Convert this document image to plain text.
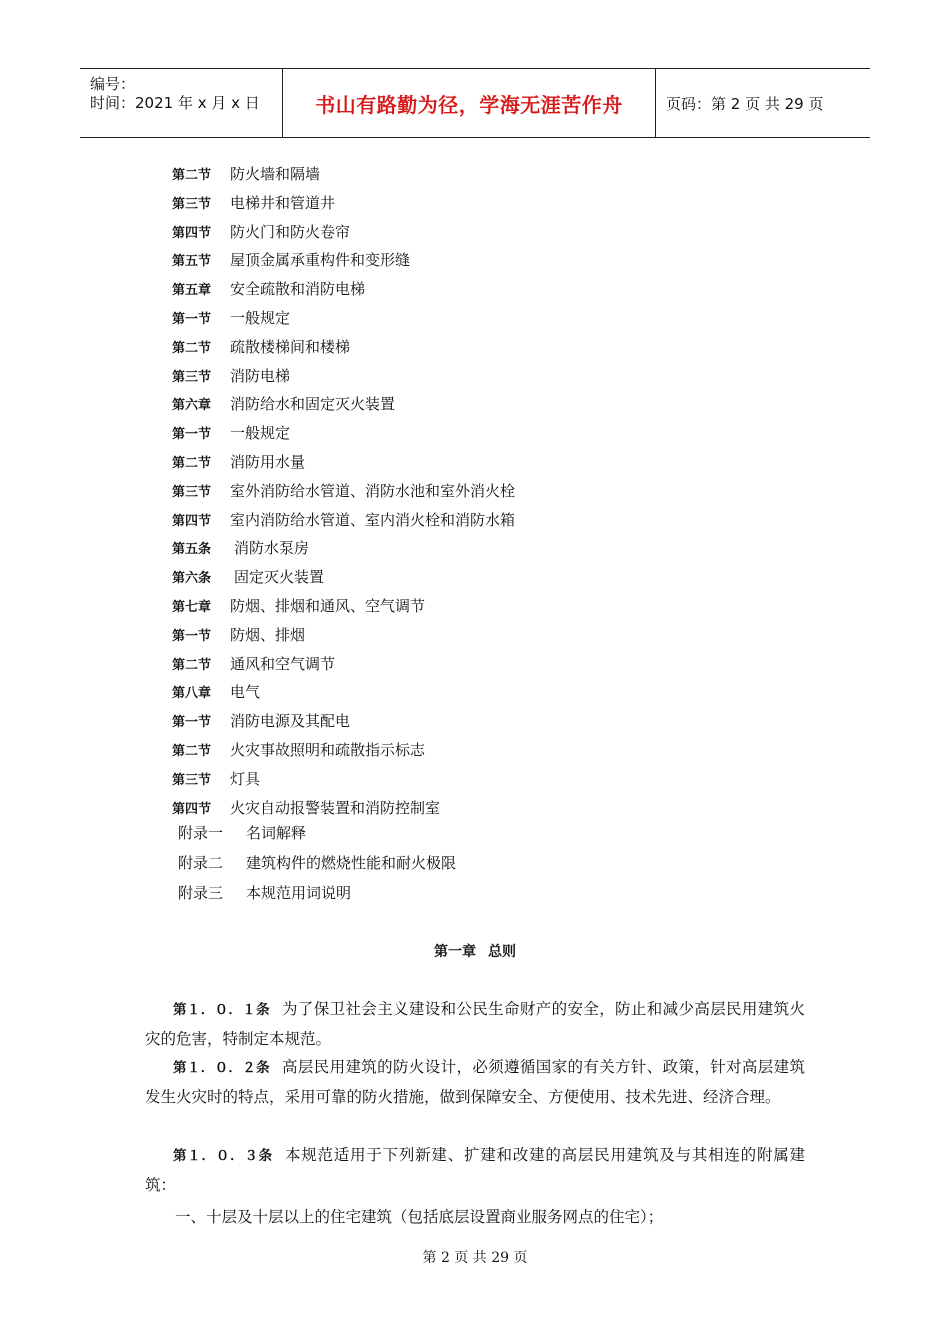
编号：
时间：2021 年 x 月 x 日	书山有路勤为径，学海无涯苦作舟	页码：第 2 页 共 29 页
第二节 防火墙和隔墙
第三节 电梯井和管道井
第四节 防火门和防火卷帘
第五节 屋顶金属承重构件和变形缝
第五章 安全疏散和消防电梯
第一节 一般规定
第二节 疏散楼梯间和楼梯
第三节 消防电梯
第六章 消防给水和固定灭火装置
第一节 一般规定
第二节 消防用水量
第三节 室外消防给水管道、消防水池和室外消火栓
第四节 室内消防给水管道、室内消火栓和消防水箱
第五条 消防水泵房
第六条 固定灭火装置
第七章 防烟、排烟和通风、空气调节
第一节 防烟、排烟
第二节 通风和空气调节
第八章 电气
第一节 消防电源及其配电
第二节 火灾事故照明和疏散指示标志
第三节 灯具
第四节 火灾自动报警装置和消防控制室
附录一 名词解释
附录二 建筑构件的燃烧性能和耐火极限
附录三 本规范用词说明
第一章 总则
第１．０．１条 为了保卫社会主义建设和公民生命财产的安全，防止和减少高层民用建筑火灾的危害，特制定本规范。
第１．０．２条 高层民用建筑的防火设计，必须遵循国家的有关方针、政策，针对高层建筑发生火灾时的特点，采用可靠的防火措施，做到保障安全、方便使用、技术先进、经济合理。
第１．０．３条 本规范适用于下列新建、扩建和改建的高层民用建筑及与其相连的附属建筑：
一、十层及十层以上的住宅建筑（包括底层设置商业服务网点的住宅）；
第 2 页 共 29 页
